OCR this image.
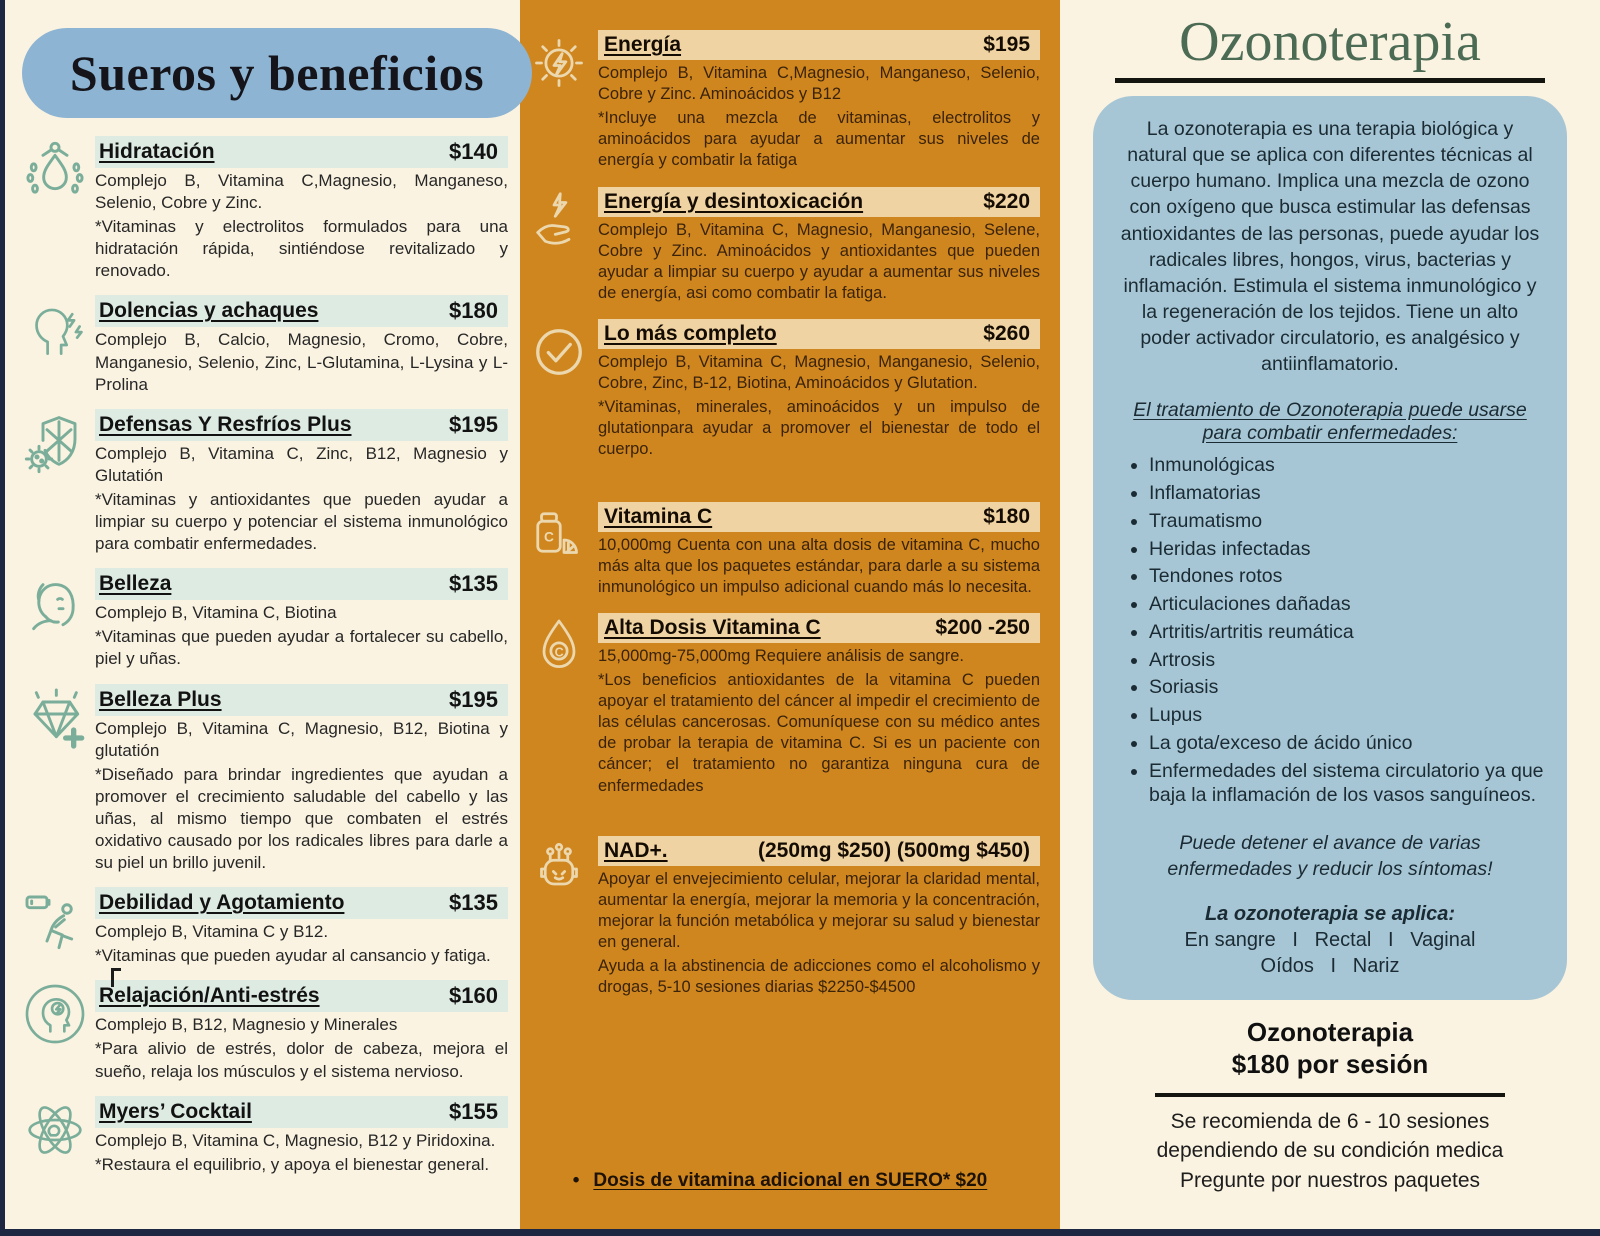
Sueros y beneficios
Hidratación	$140
Complejo B, Vitamina C,Magnesio, Manganeso, Selenio, Cobre y Zinc.
*Vitaminas y electrolitos formulados para una hidratación rápida, sintiéndose revitalizado y renovado.
Dolencias y achaques	$180
Complejo B, Calcio, Magnesio, Cromo, Cobre, Manganesio, Selenio, Zinc, L-Glutamina, L-Lysina y L-Prolina
Defensas Y Resfríos Plus	$195
Complejo B, Vitamina C, Zinc, B12, Magnesio y Glutatión
*Vitaminas y antioxidantes que pueden ayudar a limpiar su cuerpo y potenciar el sistema inmunológico para combatir enfermedades.
Belleza	$135
Complejo B, Vitamina C, Biotina
*Vitaminas que pueden ayudar a fortalecer su cabello, piel y uñas.
Belleza Plus	$195
Complejo B, Vitamina C, Magnesio, B12, Biotina y glutatión
*Diseñado para brindar ingredientes que ayudan a promover el crecimiento saludable del cabello y las uñas, al mismo tiempo que combaten el estrés oxidativo causado por los radicales libres para darle a su piel un brillo juvenil.
Debilidad y Agotamiento	$135
Complejo B, Vitamina C y B12.
*Vitaminas que pueden ayudar al cansancio y fatiga.
Relajación/Anti-estrés	$160
Complejo B, B12, Magnesio y Minerales
*Para alivio de estrés, dolor de cabeza, mejora el sueño, relaja los músculos y el sistema nervioso.
Myers’ Cocktail	$155
Complejo B, Vitamina C, Magnesio, B12 y Piridoxina.
*Restaura el equilibrio, y apoya el bienestar general.
Energía	$195
Complejo B, Vitamina C,Magnesio, Manganeso, Selenio, Cobre y Zinc. Aminoácidos y B12
*Incluye una mezcla de vitaminas, electrolitos y aminoácidos para ayudar a aumentar sus niveles de energía y combatir la fatiga
Energía y desintoxicación	$220
Complejo B, Vitamina C, Magnesio, Manganesio, Selene, Cobre y Zinc. Aminoácidos y antioxidantes que pueden ayudar a limpiar su cuerpo y ayudar a aumentar sus niveles de energía, asi como combatir la fatiga.
Lo más completo	$260
Complejo B, Vitamina C, Magnesio, Manganesio, Selenio, Cobre, Zinc, B-12, Biotina, Aminoácidos y Glutation.
*Vitaminas, minerales, aminoácidos y un impulso de glutationpara ayudar a promover el bienestar de todo el cuerpo.
C
Vitamina C	$180
10,000mg Cuenta con una alta dosis de vitamina C, mucho más alta que los paquetes estándar, para darle a su sistema inmunológico un impulso adicional cuando más lo necesita.
C
Alta Dosis Vitamina C	$200 -250
15,000mg-75,000mg Requiere análisis de sangre.
*Los beneficios antioxidantes de la vitamina C pueden apoyar el tratamiento del cáncer al impedir el crecimiento de las células cancerosas. Comuníquese con su médico antes de probar la terapia de vitamina C. Si es un paciente con cáncer; el tratamiento no garantiza ninguna cura de enfermedades
NAD+.	(250mg $250) (500mg $450)
Apoyar el envejecimiento celular, mejorar la claridad mental, aumentar la energía, mejorar la memoria y la concentración, mejorar la función metabólica y mejorar su salud y bienestar en general.
Ayuda a la abstinencia de adicciones como el alcoholismo y drogas, 5-10 sesiones diarias $2250-$4500
• Dosis de vitamina adicional en SUERO* $20
Ozonoterapia

La ozonoterapia es una terapia biológica y natural que se aplica con diferentes técnicas al cuerpo humano. Implica una mezcla de ozono con oxígeno que busca estimular las defensas antioxidantes de las personas, puede ayudar los radicales libres, hongos, virus, bacterias y inflamación. Estimula el sistema inmunológico y la regeneración de los tejidos. Tiene un alto poder activador circulatorio, es analgésico y antiinflamatorio.

El tratamiento de Ozonoterapia puede usarse para combatir enfermedades:

• Inmunológicas
• Inflamatorias
• Traumatismo
• Heridas infectadas
• Tendones rotos
• Articulaciones dañadas
• Artritis/artritis reumática
• Artrosis
• Soriasis
• Lupus
• La gota/exceso de ácido único
• Enfermedades del sistema circulatorio ya que baja la inflamación de los vasos sanguíneos.

Puede detener el avance de varias enfermedades y reducir los síntomas!

La ozonoterapia se aplica:

En sangre   I   Rectal   I   Vaginal

Oídos   I   Nariz

Ozonoterapia
$180 por sesión
Se recomienda de 6 - 10 sesiones
dependiendo de su condición medica
Pregunte por nuestros paquetes
